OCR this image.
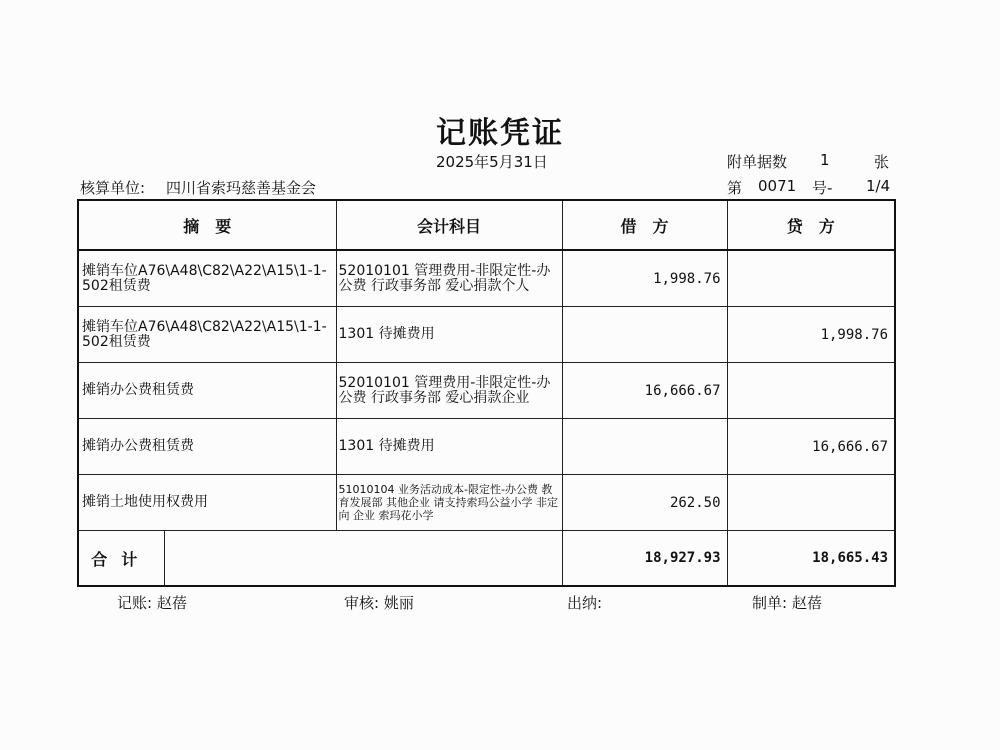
记账凭证
2025年5月31日	附单据数 1	张
核算单位: 四川省索玛慈善基金会	第 0071 号- 1/4
摘　要		会计科目	借　方	贷　方
摊销车位A76\A48\C82\A22\A15\1-1-502租赁费		52010101 管理费用-非限定性-办公费 行政事务部 爱心捐款个人	1,998.76	
摊销车位A76\A48\C82\A22\A15\1-1-502租赁费		1301 待摊费用		1,998.76
摊销办公费租赁费		52010101 管理费用-非限定性-办公费 行政事务部 爱心捐款企业	16,666.67	
摊销办公费租赁费		1301 待摊费用		16,666.67
摊销土地使用权费用		51010104 业务活动成本-限定性-办公费 教育发展部 其他企业 请支持索玛公益小学 非定向 企业 索玛花小学	262.50	
合计			18,927.93	18,665.43
记账: 赵蓓	审核: 姚丽	出纳:	制单: 赵蓓
